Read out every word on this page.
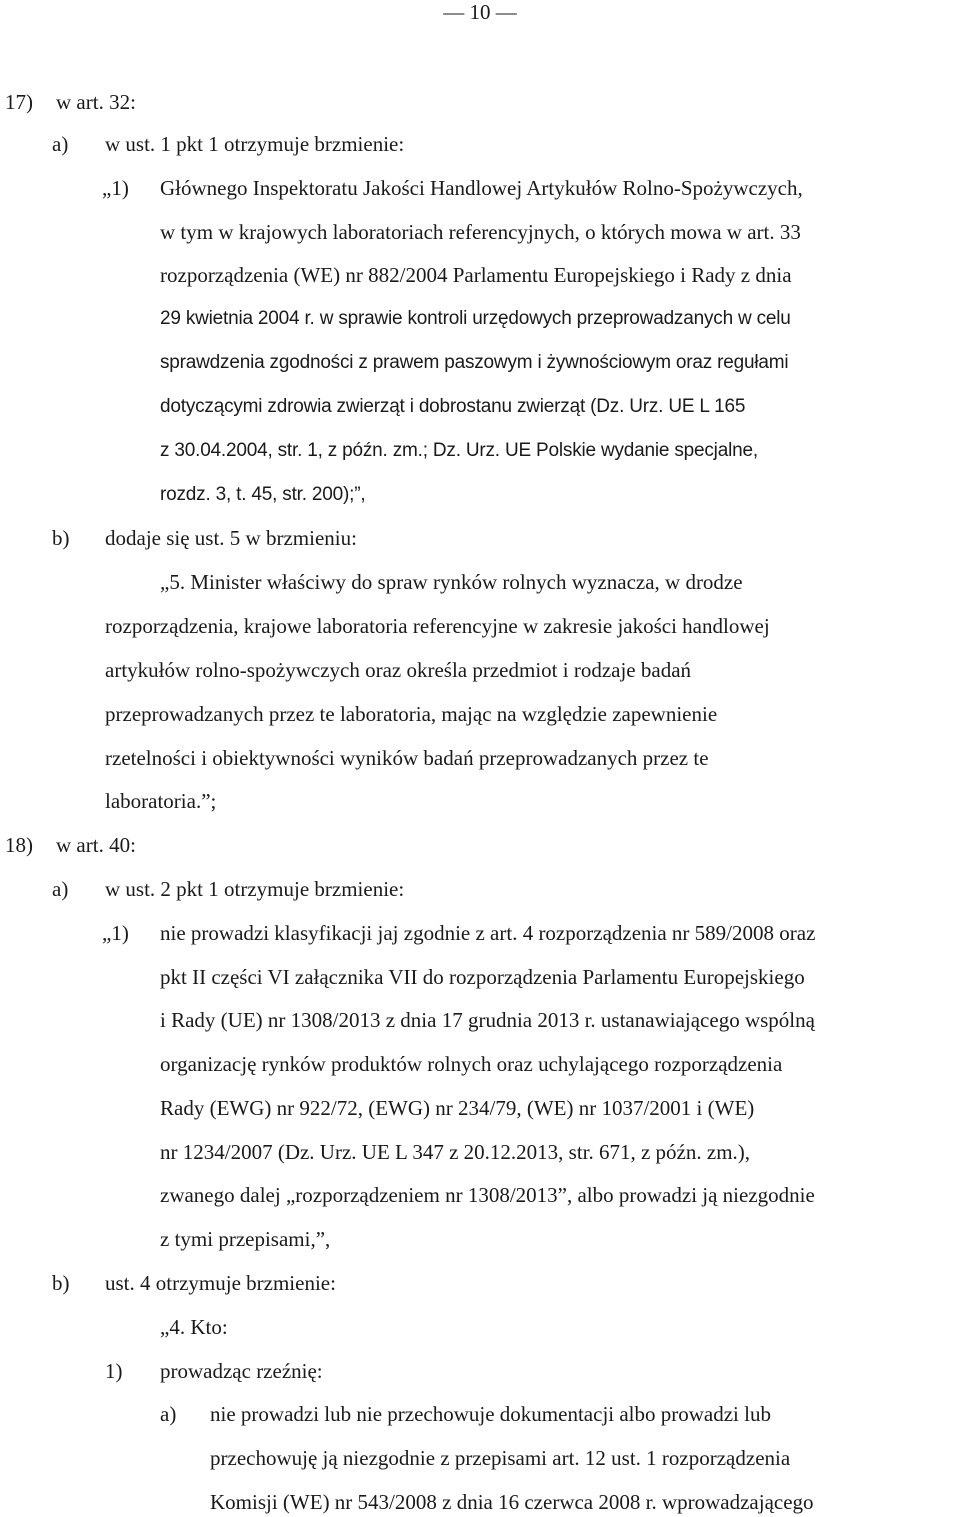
— 10 —
17) w art. 32:
a) w ust. 1 pkt 1 otrzymuje brzmienie:
„1) Głównego Inspektoratu Jakości Handlowej Artykułów Rolno-Spożywczych,
w tym w krajowych laboratoriach referencyjnych, o których mowa w art. 33
rozporządzenia (WE) nr 882/2004 Parlamentu Europejskiego i Rady z dnia
29 kwietnia 2004 r. w sprawie kontroli urzędowych przeprowadzanych w celu
sprawdzenia zgodności z prawem paszowym i żywnościowym oraz regułami
dotyczącymi zdrowia zwierząt i dobrostanu zwierząt (Dz. Urz. UE L 165
z 30.04.2004, str. 1, z późn. zm.; Dz. Urz. UE Polskie wydanie specjalne,
rozdz. 3, t. 45, str. 200);”,
b) dodaje się ust. 5 w brzmieniu:
„5. Minister właściwy do spraw rynków rolnych wyznacza, w drodze
rozporządzenia, krajowe laboratoria referencyjne w zakresie jakości handlowej
artykułów rolno-spożywczych oraz określa przedmiot i rodzaje badań
przeprowadzanych przez te laboratoria, mając na względzie zapewnienie
rzetelności i obiektywności wyników badań przeprowadzanych przez te
laboratoria.”;
18) w art. 40:
a) w ust. 2 pkt 1 otrzymuje brzmienie:
„1) nie prowadzi klasyfikacji jaj zgodnie z art. 4 rozporządzenia nr 589/2008 oraz
pkt II części VI załącznika VII do rozporządzenia Parlamentu Europejskiego
i Rady (UE) nr 1308/2013 z dnia 17 grudnia 2013 r. ustanawiającego wspólną
organizację rynków produktów rolnych oraz uchylającego rozporządzenia
Rady (EWG) nr 922/72, (EWG) nr 234/79, (WE) nr 1037/2001 i (WE)
nr 1234/2007 (Dz. Urz. UE L 347 z 20.12.2013, str. 671, z późn. zm.),
zwanego dalej „rozporządzeniem nr 1308/2013”, albo prowadzi ją niezgodnie
z tymi przepisami,”,
b) ust. 4 otrzymuje brzmienie:
„4. Kto:
1) prowadząc rzeźnię:
a) nie prowadzi lub nie przechowuje dokumentacji albo prowadzi lub
przechowuję ją niezgodnie z przepisami art. 12 ust. 1 rozporządzenia
Komisji (WE) nr 543/2008 z dnia 16 czerwca 2008 r. wprowadzającego
